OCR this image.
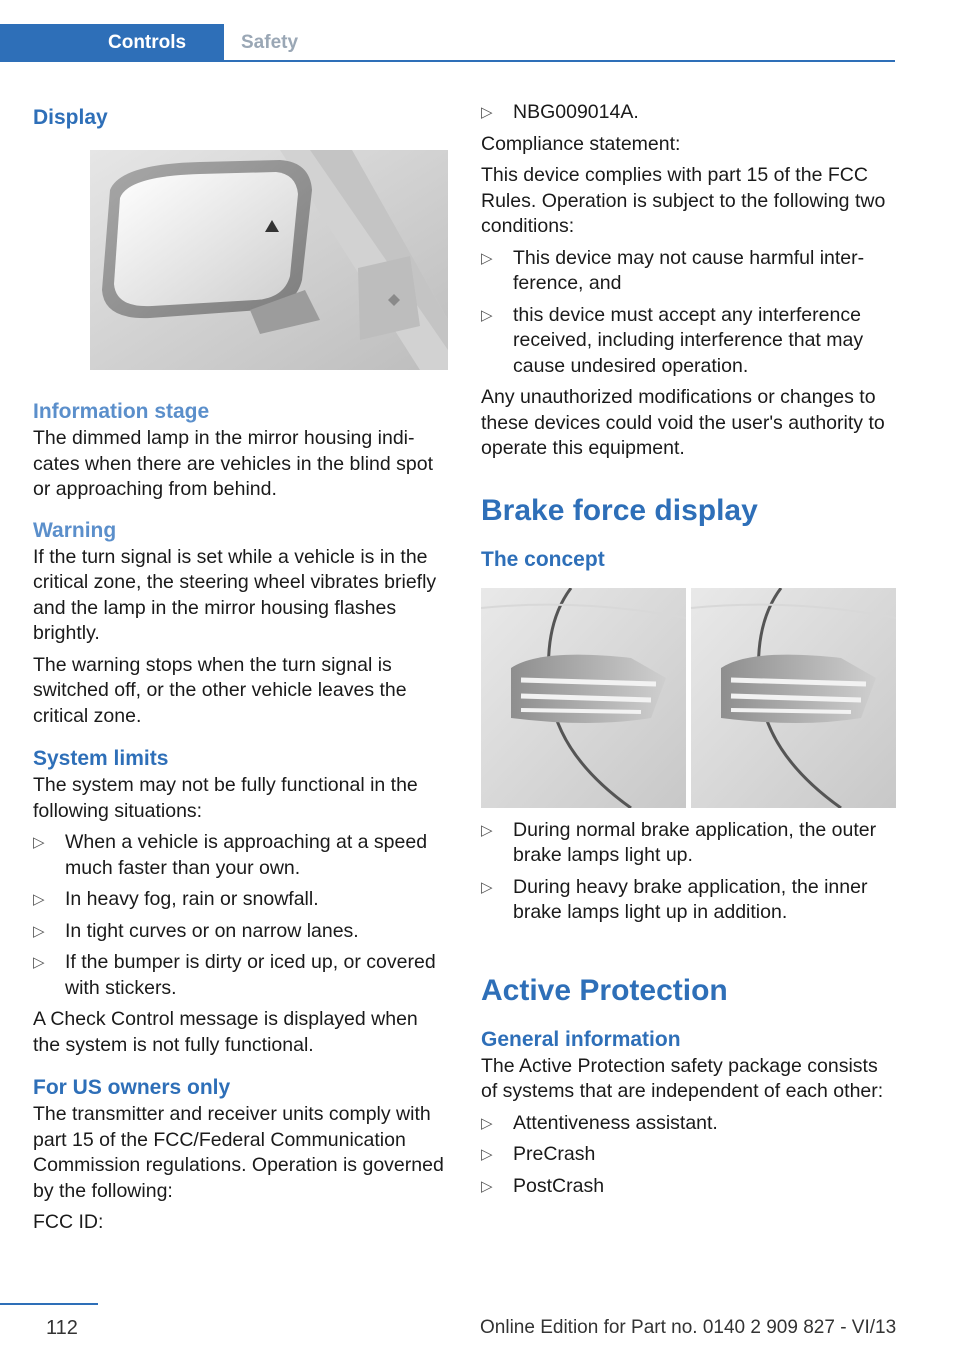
Controls	Safety
Display
Information stage

The dimmed lamp in the mirror housing indicates when there are vehicles in the blind spot or approaching from behind.

Warning

If the turn signal is set while a vehicle is in the critical zone, the steering wheel vibrates briefly and the lamp in the mirror housing flashes brightly.

The warning stops when the turn signal is switched off, or the other vehicle leaves the critical zone.

System limits

The system may not be fully functional in the following situations:

▷ When a vehicle is approaching at a speed much faster than your own.
▷ In heavy fog, rain or snowfall.
▷ In tight curves or on narrow lanes.
▷ If the bumper is dirty or iced up, or covered with stickers.

A Check Control message is displayed when the system is not fully functional.

For US owners only

The transmitter and receiver units comply with part 15 of the FCC/Federal Communication Commission regulations. Operation is governed by the following:

FCC ID:

▷ NBG009014A.

Compliance statement:

This device complies with part 15 of the FCC Rules. Operation is subject to the following two conditions:

▷ This device may not cause harmful interference, and
▷ this device must accept any interference received, including interference that may cause undesired operation.

Any unauthorized modifications or changes to these devices could void the user's authority to operate this equipment.

Brake force display
The concept
▷ During normal brake application, the outer brake lamps light up.
▷ During heavy brake application, the inner brake lamps light up in addition.
Active Protection
General information

The Active Protection safety package consists of systems that are independent of each other:

▷ Attentiveness assistant.
▷ PreCrash
▷ PostCrash
112	Online Edition for Part no. 0140 2 909 827 - VI/13
